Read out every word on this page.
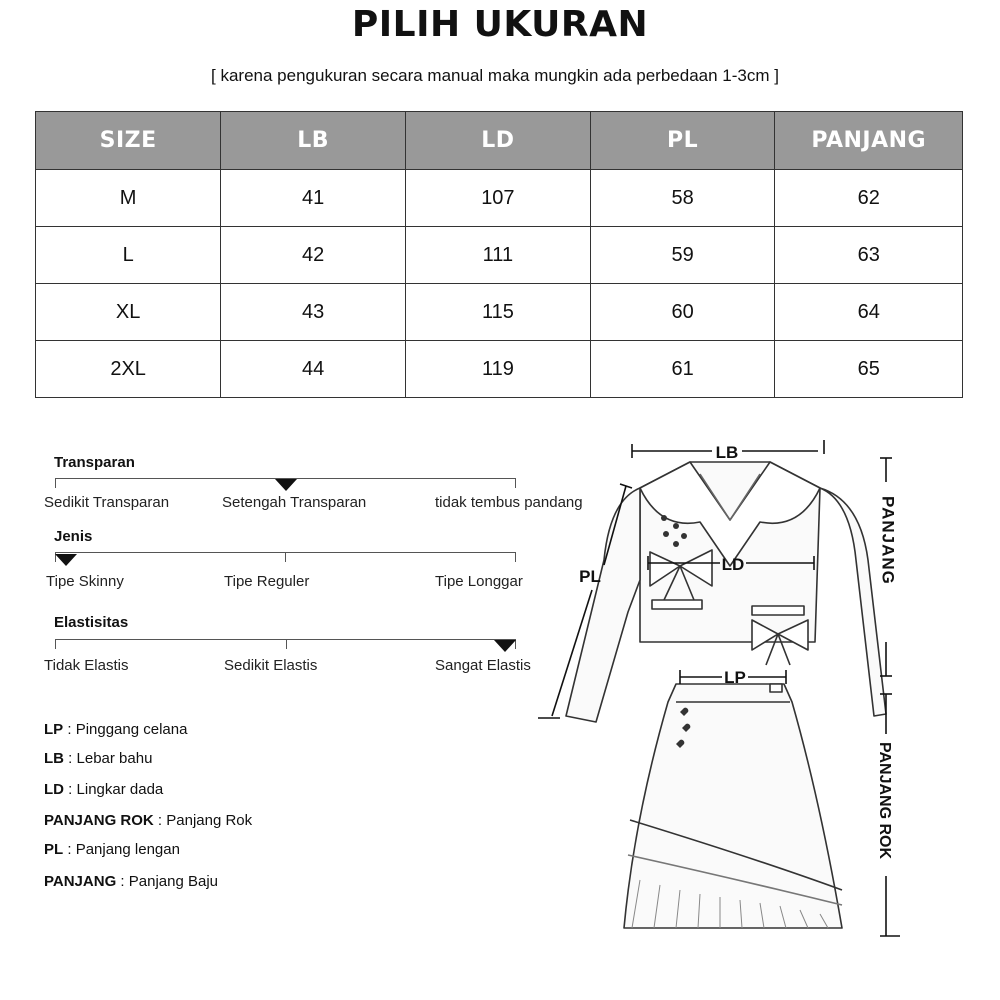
PILIH UKURAN
[ karena pengukuran secara manual maka mungkin ada perbedaan 1-3cm ]
SIZE	LB	LD	PL	PANJANG
M	41	107	58	62
L	42	111	59	63
XL	43	115	60	64
2XL	44	119	61	65
Transparan
Sedikit Transparan	Setengah Transparan	tidak tembus pandang
Jenis
Tipe Skinny	Tipe Reguler	Tipe Longgar
Elastisitas
Tidak Elastis	Sedikit Elastis	Sangat Elastis
LP : Pinggang celana
LB : Lebar bahu
LD : Lingkar dada
PANJANG ROK : Panjang Rok
PL : Panjang lengan
PANJANG : Panjang Baju
LB
LD
PL
LP
PANJANG
PANJANG ROK
